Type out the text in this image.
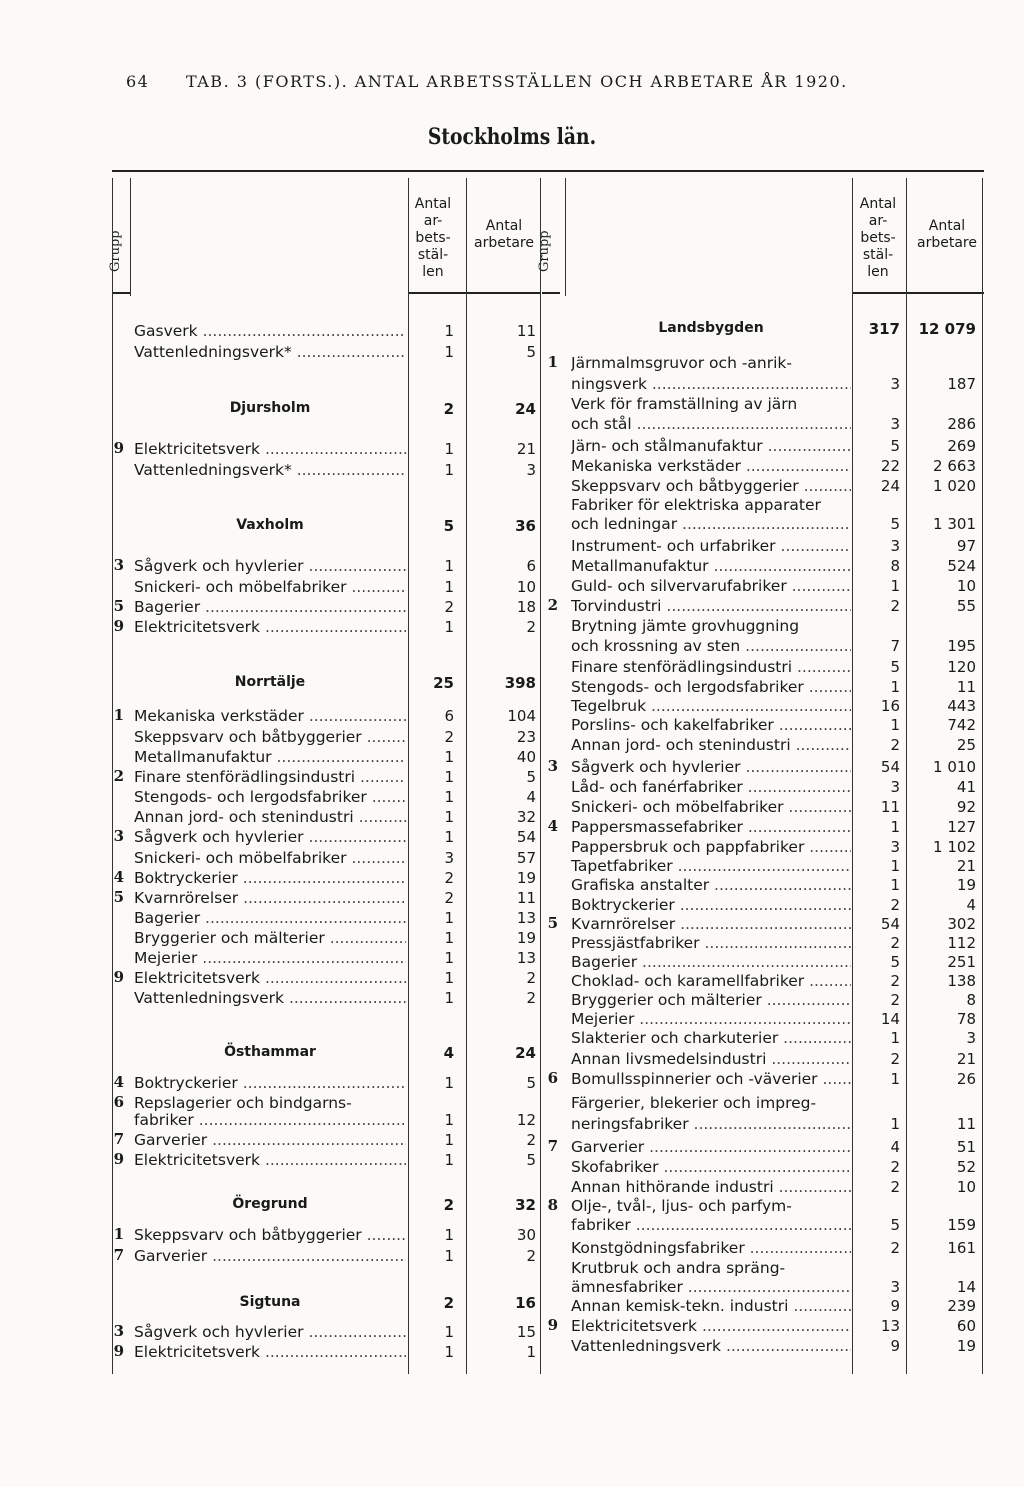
64 TAB. 3 (FORTS.). ANTAL ARBETSSTÄLLEN OCH ARBETARE ÅR 1920.
Stockholms län.
Grupp
Antal ar- bets- stäl- len
Antal arbetare Grupp
Antal ar- bets- stäl- len
Antal arbetare
Gasverk .....	1	11
Vattenledningsverk* .....	1	5
Djursholm	2	24
9 Elektricitetsverk .....	1	21
Vattenledningsverk* .....	1	3
Vaxholm	5	36
3 Sågverk och hyvlerier .....	1	6
Snickeri- och möbelfabriker .....	1	10
5 Bagerier .....	2	18
9 Elektricitetsverk .....	1	2
Norrtälje	25	398
1 Mekaniska verkstäder .....	6	104
Skeppsvarv och båtbyggerier .....	2	23
Metallmanufaktur .....	1	40
2 Finare stenförädlingsindustri .....	1	5
Stengods- och lergodsfabriker .....	1	4
Annan jord- och stenindustri .....	1	32
3 Sågverk och hyvlerier .....	1	54
Snickeri- och möbelfabriker .....	3	57
4 Boktryckerier .....	2	19
5 Kvarnrörelser .....	2	11
Bagerier .....	1	13
Bryggerier och mälterier .....	1	19
Mejerier .....	1	13
9 Elektricitetsverk .....	1	2
Vattenledningsverk .....	1	2
Östhammar	4	24
4 Boktryckerier .....	1	5
6 Repslagerier och bindgarns-
fabriker .....	1	12
7 Garverier .....	1	2
9 Elektricitetsverk .....	1	5
Öregrund	2	32
1 Skeppsvarv och båtbyggerier .....	1	30
7 Garverier .....	1	2
Sigtuna	2	16
3 Sågverk och hyvlerier .....	1	15
9 Elektricitetsverk .....	1	1
Landsbygden	317	12 079
1 Järnmalmsgruvor och -anrik-
ningsverk .....	3	187
Verk för framställning av järn
och stål .....	3	286
Järn- och stålmanufaktur .....	5	269
Mekaniska verkstäder .....	22	2 663
Skeppsvarv och båtbyggerier .....	24	1 020
Fabriker för elektriska apparater
och ledningar .....	5	1 301
Instrument- och urfabriker .....	3	97
Metallmanufaktur .....	8	524
Guld- och silvervarufabriker .....	1	10
2 Torvindustri .....	2	55
Brytning jämte grovhuggning
och krossning av sten .....	7	195
Finare stenförädlingsindustri .....	5	120
Stengods- och lergodsfabriker .....	1	11
Tegelbruk .....	16	443
Porslins- och kakelfabriker .....	1	742
Annan jord- och stenindustri .....	2	25
3 Sågverk och hyvlerier .....	54	1 010
Låd- och fanérfabriker .....	3	41
Snickeri- och möbelfabriker .....	11	92
4 Pappersmassefabriker .....	1	127
Pappersbruk och pappfabriker .....	3	1 102
Tapetfabriker .....	1	21
Grafiska anstalter .....	1	19
Boktryckerier .....	2	4
5 Kvarnrörelser .....	54	302
Pressjästfabriker .....	2	112
Bagerier .....	5	251
Choklad- och karamellfabriker .....	2	138
Bryggerier och mälterier .....	2	8
Mejerier .....	14	78
Slakterier och charkuterier .....	1	3
Annan livsmedelsindustri .....	2	21
6 Bomullsspinnerier och -väverier .....	1	26
Färgerier, blekerier och impreg-
neringsfabriker .....	1	11
7 Garverier .....	4	51
Skofabriker .....	2	52
Annan hithörande industri .....	2	10
8 Olje-, tvål-, ljus- och parfym-
fabriker .....	5	159
Konstgödningsfabriker .....	2	161
Krutbruk och andra spräng-
ämnesfabriker .....	3	14
Annan kemisk-tekn. industri .....	9	239
9 Elektricitetsverk .....	13	60
Vattenledningsverk .....	9	19
